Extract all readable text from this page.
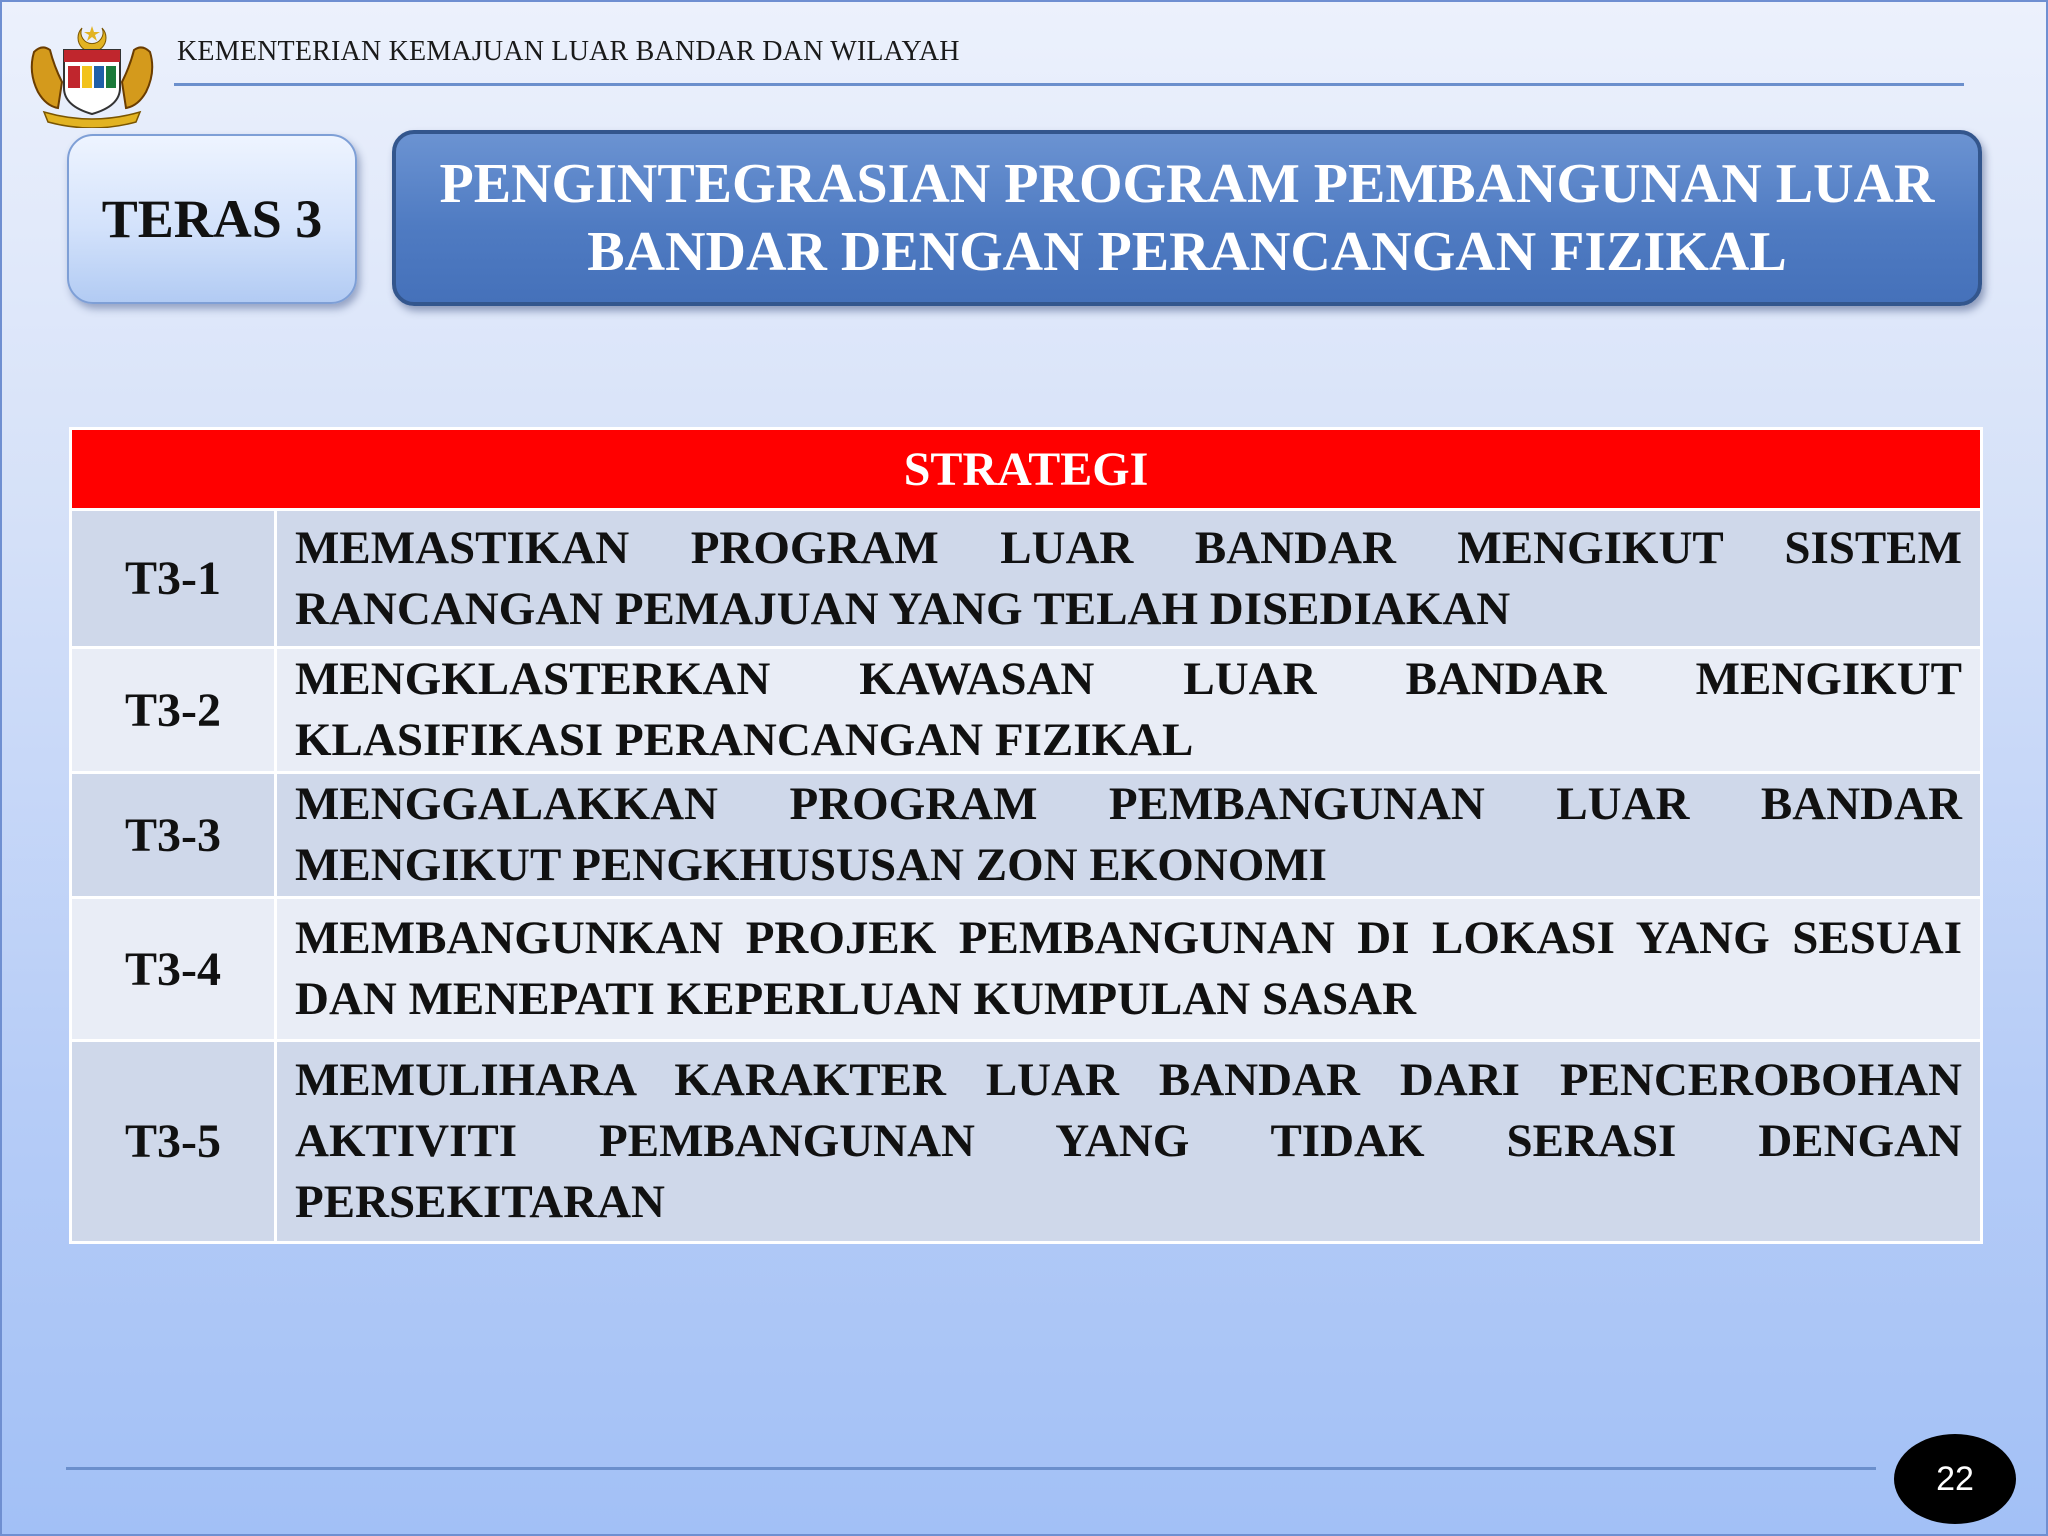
KEMENTERIAN KEMAJUAN LUAR BANDAR DAN WILAYAH
TERAS 3
PENGINTEGRASIAN PROGRAM PEMBANGUNAN LUAR
BANDAR DENGAN PERANCANGAN FIZIKAL
STRATEGI	
T3-1	MEMASTIKAN PROGRAM LUAR BANDAR MENGIKUT SISTEM RANCANGAN PEMAJUAN YANG TELAH DISEDIAKAN
T3-2	MENGKLASTERKAN KAWASAN LUAR BANDAR MENGIKUT KLASIFIKASI PERANCANGAN FIZIKAL
T3-3	MENGGALAKKAN PROGRAM PEMBANGUNAN LUAR BANDAR MENGIKUT PENGKHUSUSAN ZON EKONOMI
T3-4	MEMBANGUNKAN PROJEK PEMBANGUNAN DI LOKASI YANG SESUAI DAN MENEPATI KEPERLUAN KUMPULAN SASAR
T3-5	MEMULIHARA KARAKTER LUAR BANDAR DARI PENCEROBOHAN AKTIVITI PEMBANGUNAN YANG TIDAK SERASI DENGAN PERSEKITARAN
22
